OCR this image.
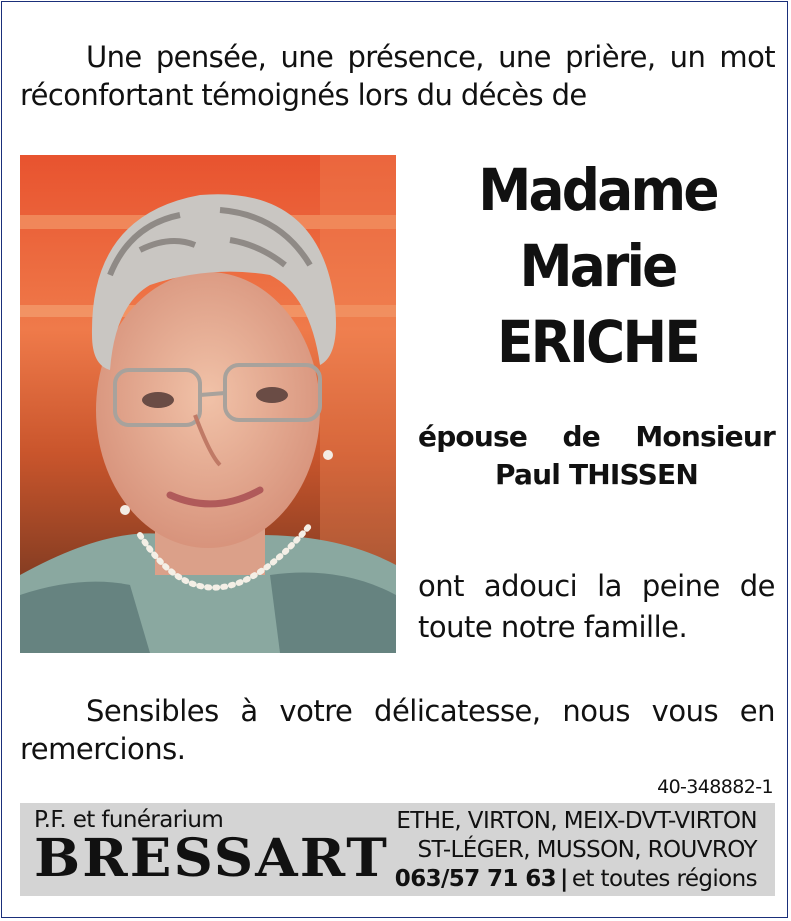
Une pensée, une présence, une prière, un mot
réconfortant témoignés lors du décès de
Madame
Marie
ERICHE
épouse de Monsieur
Paul THISSEN
ont adouci la peine de
toute notre famille.
Sensibles à votre délicatesse, nous vous en
remercions.
40-348882-1
P.F. et funérarium
BRESSART
ETHE, VIRTON, MEIX-DVT-VIRTON
ST-LÉGER, MUSSON, ROUVROY
063/57 71 63 | et toutes régions
